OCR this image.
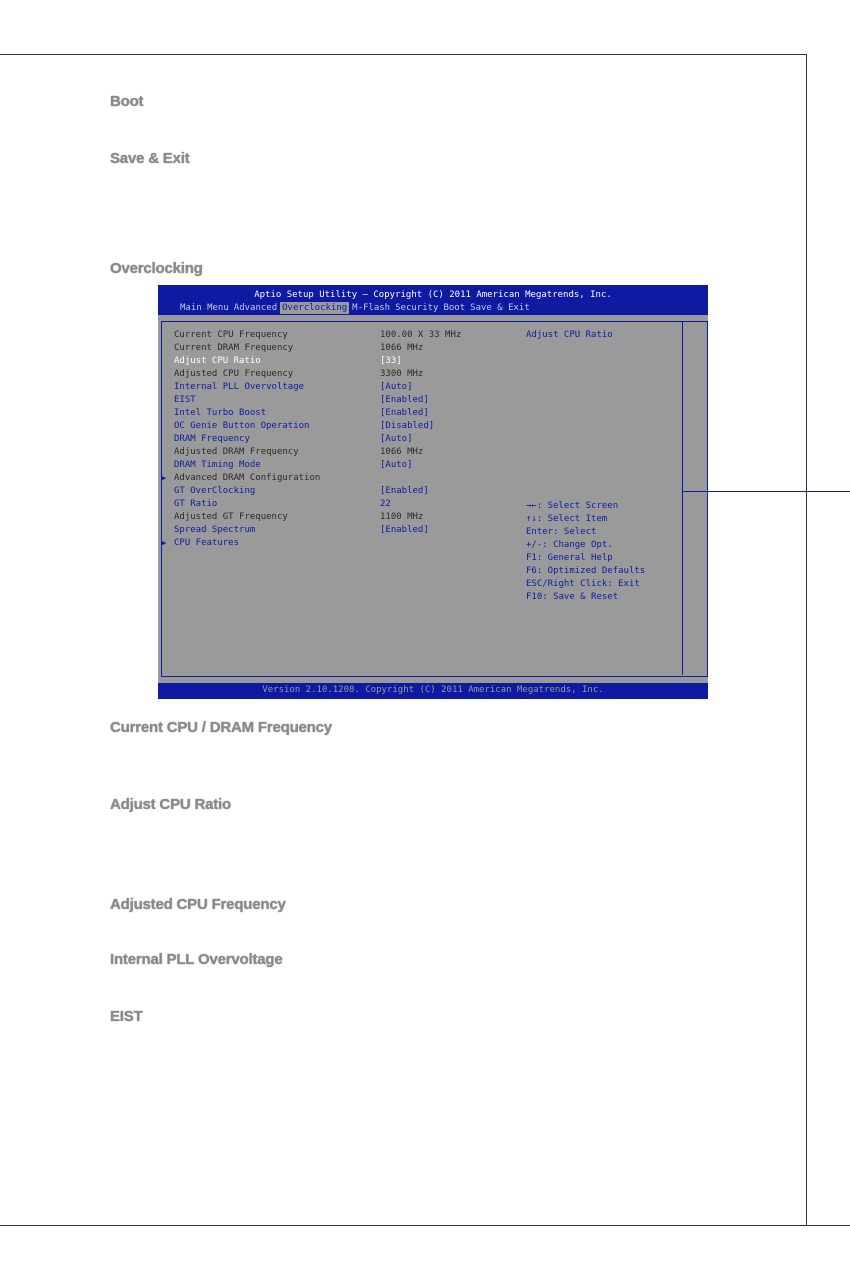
Boot
Save & Exit
Overclocking
Aptio Setup Utility – Copyright (C) 2011 American Megatrends, Inc.
Main Menu Advanced Overclocking M-Flash Security Boot Save & Exit
Current CPU Frequency	100.00 X 33 MHz
Current DRAM Frequency	1066 MHz
Adjust CPU Ratio	[33]
Adjusted CPU Frequency	3300 MHz
Internal PLL Overvoltage	[Auto]
EIST	[Enabled]
Intel Turbo Boost	[Enabled]
OC Genie Button Operation	[Disabled]
DRAM Frequency	[Auto]
Adjusted DRAM Frequency	1066 MHz
DRAM Timing Mode	[Auto]
▶ Advanced DRAM Configuration
GT OverClocking	[Enabled]
GT Ratio	22
Adjusted GT Frequency	1100 MHz
Spread Spectrum	[Enabled]
▶ CPU Features
Adjust CPU Ratio
→←: Select Screen
↑↓: Select Item
Enter: Select
+/-: Change Opt.
F1: General Help
F6: Optimized Defaults
ESC/Right Click: Exit
F10: Save & Reset
Version 2.10.1208. Copyright (C) 2011 American Megatrends, Inc.
Current CPU / DRAM Frequency
Adjust CPU Ratio
Adjusted CPU Frequency
Internal PLL Overvoltage
EIST
